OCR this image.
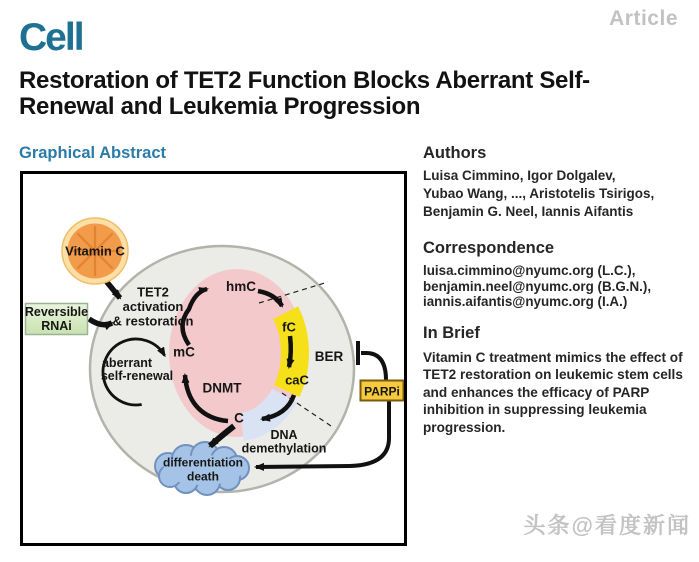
Cell	Article
Restoration of TET2 Function Blocks Aberrant Self-
Renewal and Leukemia Progression
Graphical Abstract
Vitamin C
Reversible
RNAi
PARPi
TET2
activation
& restoration
hmC
fC
caC
BER
mC
DNMT
C
DNA
demethylation
aberrant
self-renewal
differentiation
death
Authors
Luisa Cimmino, Igor Dolgalev,
Yubao Wang, ..., Aristotelis Tsirigos,
Benjamin G. Neel, Iannis Aifantis
Correspondence
luisa.cimmino@nyumc.org (L.C.),
benjamin.neel@nyumc.org (B.G.N.),
iannis.aifantis@nyumc.org (I.A.)
In Brief
Vitamin C treatment mimics the effect of TET2 restoration on leukemic stem cells and enhances the efficacy of PARP inhibition in suppressing leukemia progression.
头条@看度新闻
